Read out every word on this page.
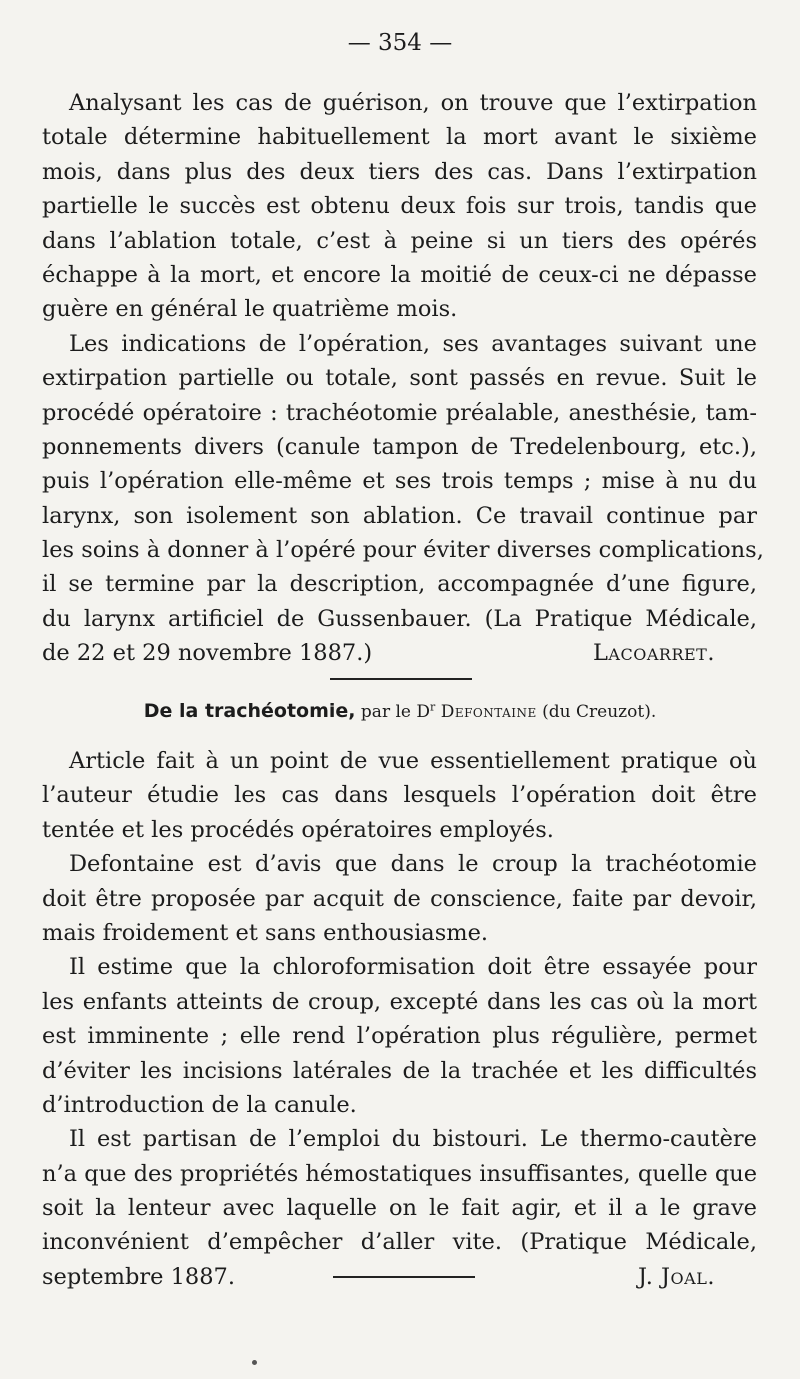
— 354 —
Analysant les cas de guérison, on trouve que l’extirpation
totale détermine habituellement la mort avant le sixième
mois, dans plus des deux tiers des cas. Dans l’extirpation
partielle le succès est obtenu deux fois sur trois, tandis que
dans l’ablation totale, c’est à peine si un tiers des opérés
échappe à la mort, et encore la moitié de ceux-ci ne dépasse
guère en général le quatrième mois.
Les indications de l’opération, ses avantages suivant une
extirpation partielle ou totale, sont passés en revue. Suit le
procédé opératoire : trachéotomie préalable, anesthésie, tam-
ponnements divers (canule tampon de Tredelenbourg, etc.),
puis l’opération elle-même et ses trois temps ; mise à nu du
larynx, son isolement son ablation. Ce travail continue par
les soins à donner à l’opéré pour éviter diverses complications,
il se termine par la description, accompagnée d’une figure,
du larynx artificiel de Gussenbauer. (La Pratique Médicale,
de 22 et 29 novembre 1887.)	Lacoarret.
De la trachéotomie, par le $D^r$ Defontaine (du Creuzot).
Article fait à un point de vue essentiellement pratique où
l’auteur étudie les cas dans lesquels l’opération doit être
tentée et les procédés opératoires employés.
Defontaine est d’avis que dans le croup la trachéotomie
doit être proposée par acquit de conscience, faite par devoir,
mais froidement et sans enthousiasme.
Il estime que la chloroformisation doit être essayée pour
les enfants atteints de croup, excepté dans les cas où la mort
est imminente ; elle rend l’opération plus régulière, permet
d’éviter les incisions latérales de la trachée et les difficultés
d’introduction de la canule.
Il est partisan de l’emploi du bistouri. Le thermo-cautère
n’a que des propriétés hémostatiques insuffisantes, quelle que
soit la lenteur avec laquelle on le fait agir, et il a le grave
inconvénient d’empêcher d’aller vite. (Pratique Médicale,
septembre 1887.	J. Joal.
